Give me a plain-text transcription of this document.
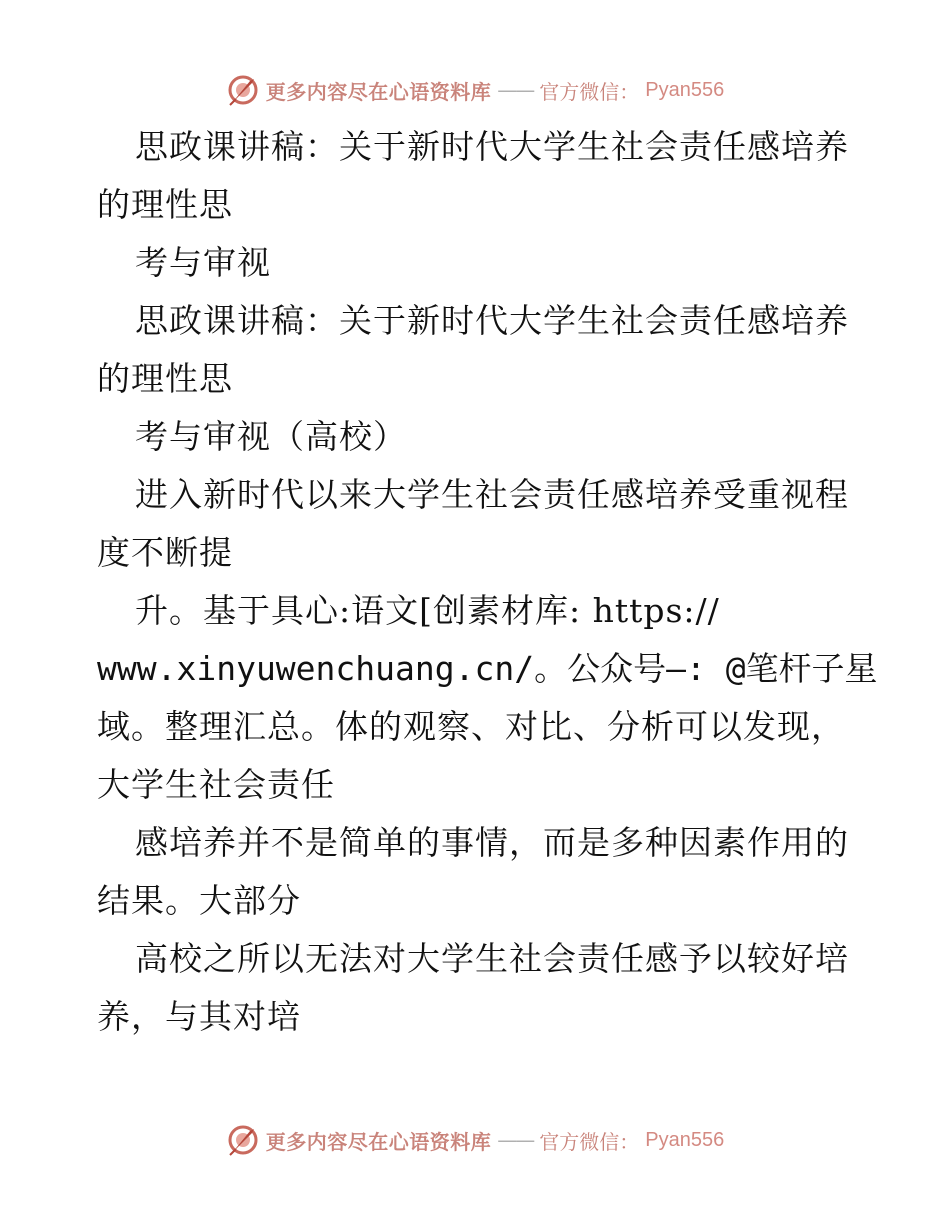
更多内容尽在心语资料库 —— 官方微信： Pyan556
思政课讲稿：关于新时代大学生社会责任感培养
的理性思
考与审视
思政课讲稿：关于新时代大学生社会责任感培养
的理性思
考与审视（高校）
进入新时代以来大学生社会责任感培养受重视程
度不断提
升。基于具心:语文[创素材库: https://
www.xinyuwenchuang.cn/。公众号—: @笔杆子星
域。整理汇总。体的观察、对比、分析可以发现，
大学生社会责任
感培养并不是简单的事情，而是多种因素作用的
结果。大部分
高校之所以无法对大学生社会责任感予以较好培
养，与其对培
更多内容尽在心语资料库 —— 官方微信： Pyan556
